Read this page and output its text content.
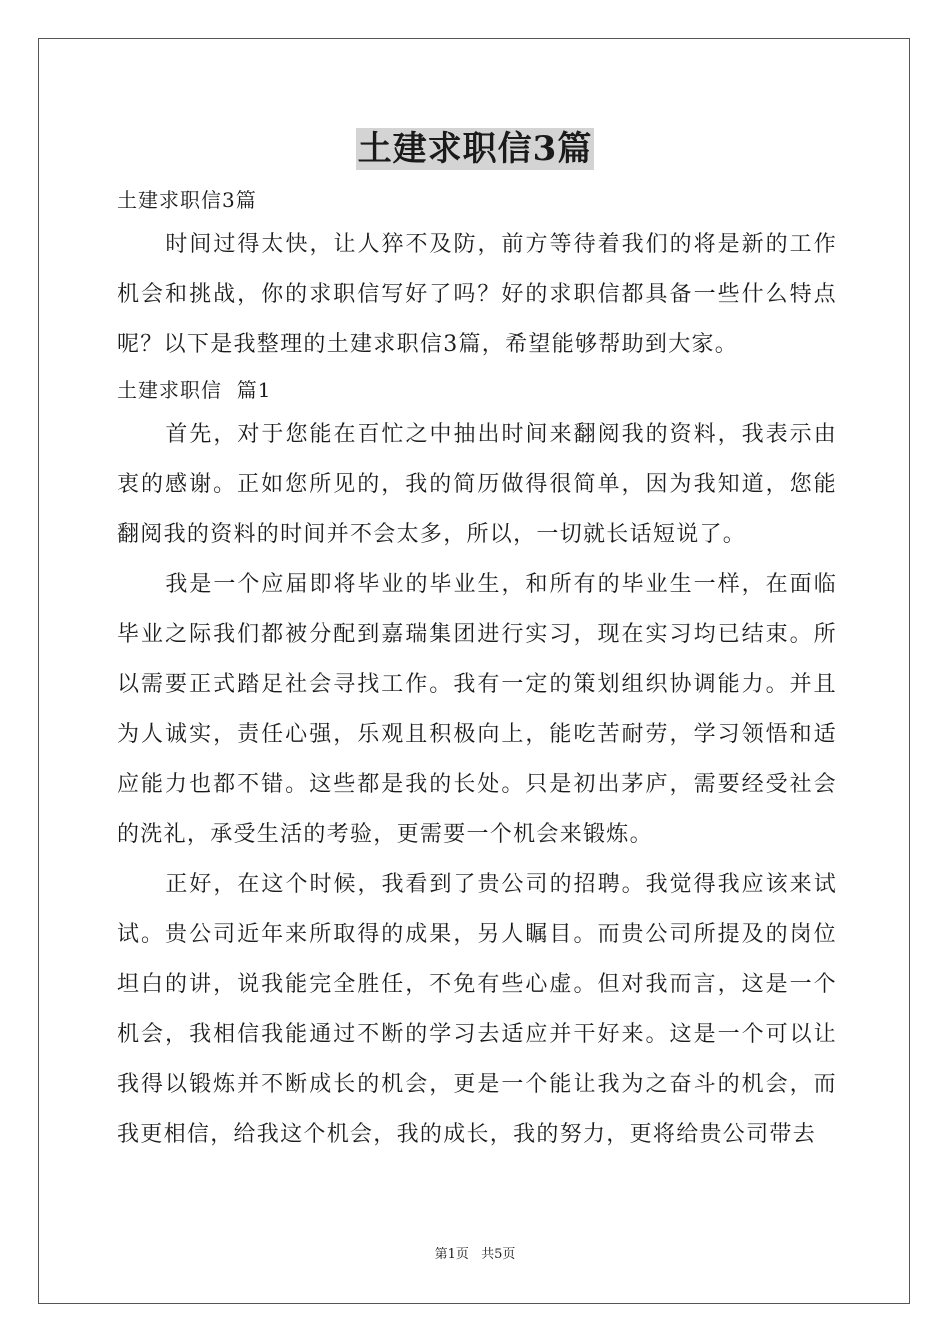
土建求职信3篇

土建求职信3篇

时间过得太快，让人猝不及防，前方等待着我们的将是新的工作机会和挑战，你的求职信写好了吗？好的求职信都具备一些什么特点呢？以下是我整理的土建求职信3篇，希望能够帮助到大家。

土建求职信  篇1

首先，对于您能在百忙之中抽出时间来翻阅我的资料，我表示由衷的感谢。正如您所见的，我的简历做得很简单，因为我知道，您能翻阅我的资料的时间并不会太多，所以，一切就长话短说了。

我是一个应届即将毕业的毕业生，和所有的毕业生一样，在面临毕业之际我们都被分配到嘉瑞集团进行实习，现在实习均已结束。所以需要正式踏足社会寻找工作。我有一定的策划组织协调能力。并且为人诚实，责任心强，乐观且积极向上，能吃苦耐劳，学习领悟和适应能力也都不错。这些都是我的长处。只是初出茅庐，需要经受社会的洗礼，承受生活的考验，更需要一个机会来锻炼。

正好，在这个时候，我看到了贵公司的招聘。我觉得我应该来试试。贵公司近年来所取得的成果，另人瞩目。而贵公司所提及的岗位坦白的讲，说我能完全胜任，不免有些心虚。但对我而言，这是一个机会，我相信我能通过不断的学习去适应并干好来。这是一个可以让我得以锻炼并不断成长的机会，更是一个能让我为之奋斗的机会，而我更相信，给我这个机会，我的成长，我的努力，更将给贵公司带去

第1页 共5页
